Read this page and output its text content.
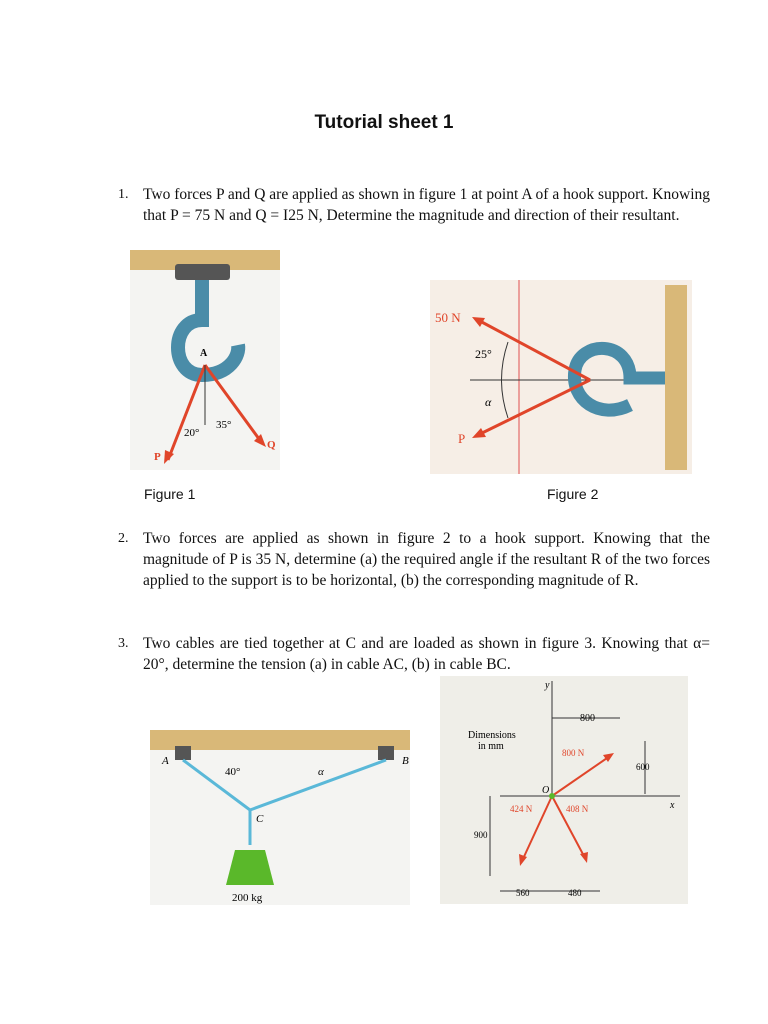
Tutorial sheet 1
1. Two forces P and Q are applied as shown in figure 1 at point A of a hook support. Knowing that P = 75 N and Q = I25 N, Determine the magnitude and direction of their resultant.
A
20°
35°
P
Q
50 N
25°
α
P
Figure 1	Figure 2
2. Two forces are applied as shown in figure 2 to a hook support. Knowing that the magnitude of P is 35 N, determine (a) the required angle if the resultant R of the two forces applied to the support is to be horizontal, (b) the corresponding magnitude of R.
3. Two cables are tied together at C and are loaded as shown in figure 3. Knowing that α= 20°, determine the tension (a) in cable AC, (b) in cable BC.
A	B
C
40°	α
200 kg
y
x
Dimensions
in mm
800
800 N
600
O
424 N	408 N
900
560	480
